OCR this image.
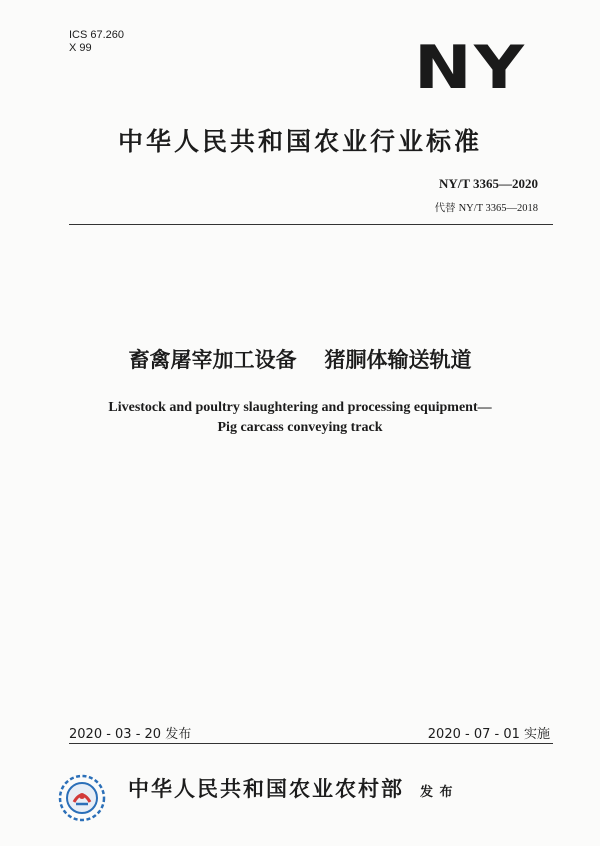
ICS 67.260
X 99	NY
中华人民共和国农业行业标准
NY/T 3365—2020
代替 NY/T 3365—2018
畜禽屠宰加工设备 猪胴体输送轨道
Livestock and poultry slaughtering and processing equipment—
Pig carcass conveying track
2020 - 03 - 20 发布	2020 - 07 - 01 实施
中华人民共和国农业农村部 发 布
